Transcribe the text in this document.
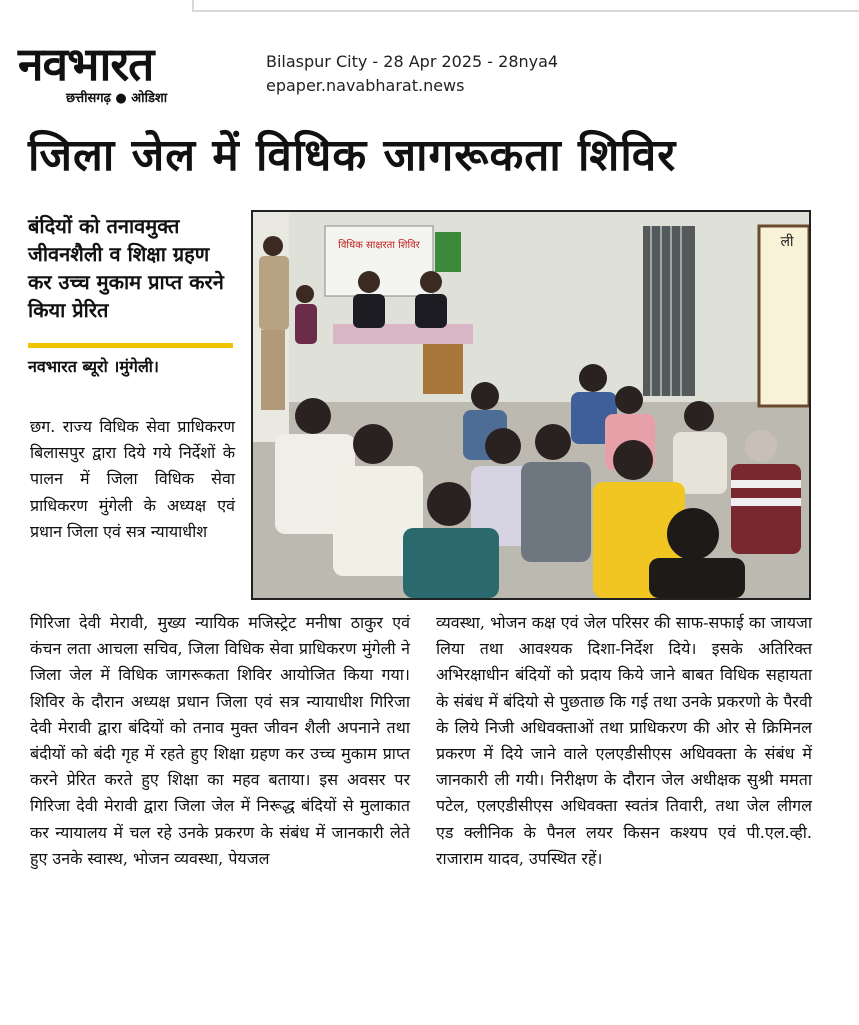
नवभारत
छत्तीसगढ़ ● ओडिशा
Bilaspur City - 28 Apr 2025 - 28nya4
epaper.navabharat.news
जिला जेल में विधिक जागरूकता शिविर
बंदियों को तनावमुक्त जीवनशैली व शिक्षा ग्रहण कर उच्च मुकाम प्राप्त करने किया प्रेरित
नवभारत ब्यूरो ।मुंगेली।
विधिक साक्षरता शिविर	ली
छग. राज्य विधिक सेवा प्राधिकरण बिलासपुर द्वारा दिये गये निर्देशों के पालन में जिला विधिक सेवा प्राधिकरण मुंगेली के अध्यक्ष एवं प्रधान जिला एवं सत्र न्यायाधीश
गिरिजा देवी मेरावी, मुख्य न्यायिक मजिस्ट्रेट मनीषा ठाकुर एवं कंचन लता आचला सचिव, जिला विधिक सेवा प्राधिकरण मुंगेली ने जिला जेल में विधिक जागरूकता शिविर आयोजित किया गया। शिविर के दौरान अध्यक्ष प्रधान जिला एवं सत्र न्यायाधीश गिरिजा देवी मेरावी द्वारा बंदियों को तनाव मुक्त जीवन शैली अपनाने तथा बंदीयों को बंदी गृह में रहते हुए शिक्षा ग्रहण कर उच्च मुकाम प्राप्त करने प्रेरित करते हुए शिक्षा का महव बताया। इस अवसर पर गिरिजा देवी मेरावी द्वारा जिला जेल में निरूद्ध बंदियों से मुलाकात कर न्यायालय में चल रहे उनके प्रकरण के संबंध में जानकारी लेते हुए उनके स्वास्थ, भोजन व्यवस्था, पेयजल
व्यवस्था, भोजन कक्ष एवं जेल परिसर की साफ-सफाई का जायजा लिया तथा आवश्यक दिशा-निर्देश दिये। इसके अतिरिक्त अभिरक्षाधीन बंदियों को प्रदाय किये जाने बाबत विधिक सहायता के संबंध में बंदियो से पुछताछ कि गई तथा उनके प्रकरणो के पैरवी के लिये निजी अधिवक्ताओं तथा प्राधिकरण की ओर से क्रिमिनल प्रकरण में दिये जाने वाले एलएडीसीएस अधिवक्ता के संबंध में जानकारी ली गयी। निरीक्षण के दौरान जेल अधीक्षक सुश्री ममता पटेल, एलएडीसीएस अधिवक्ता स्वतंत्र तिवारी, तथा जेल लीगल एड क्लीनिक के पैनल लयर किसन कश्यप एवं पी.एल.व्ही. राजाराम यादव, उपस्थित रहें।
